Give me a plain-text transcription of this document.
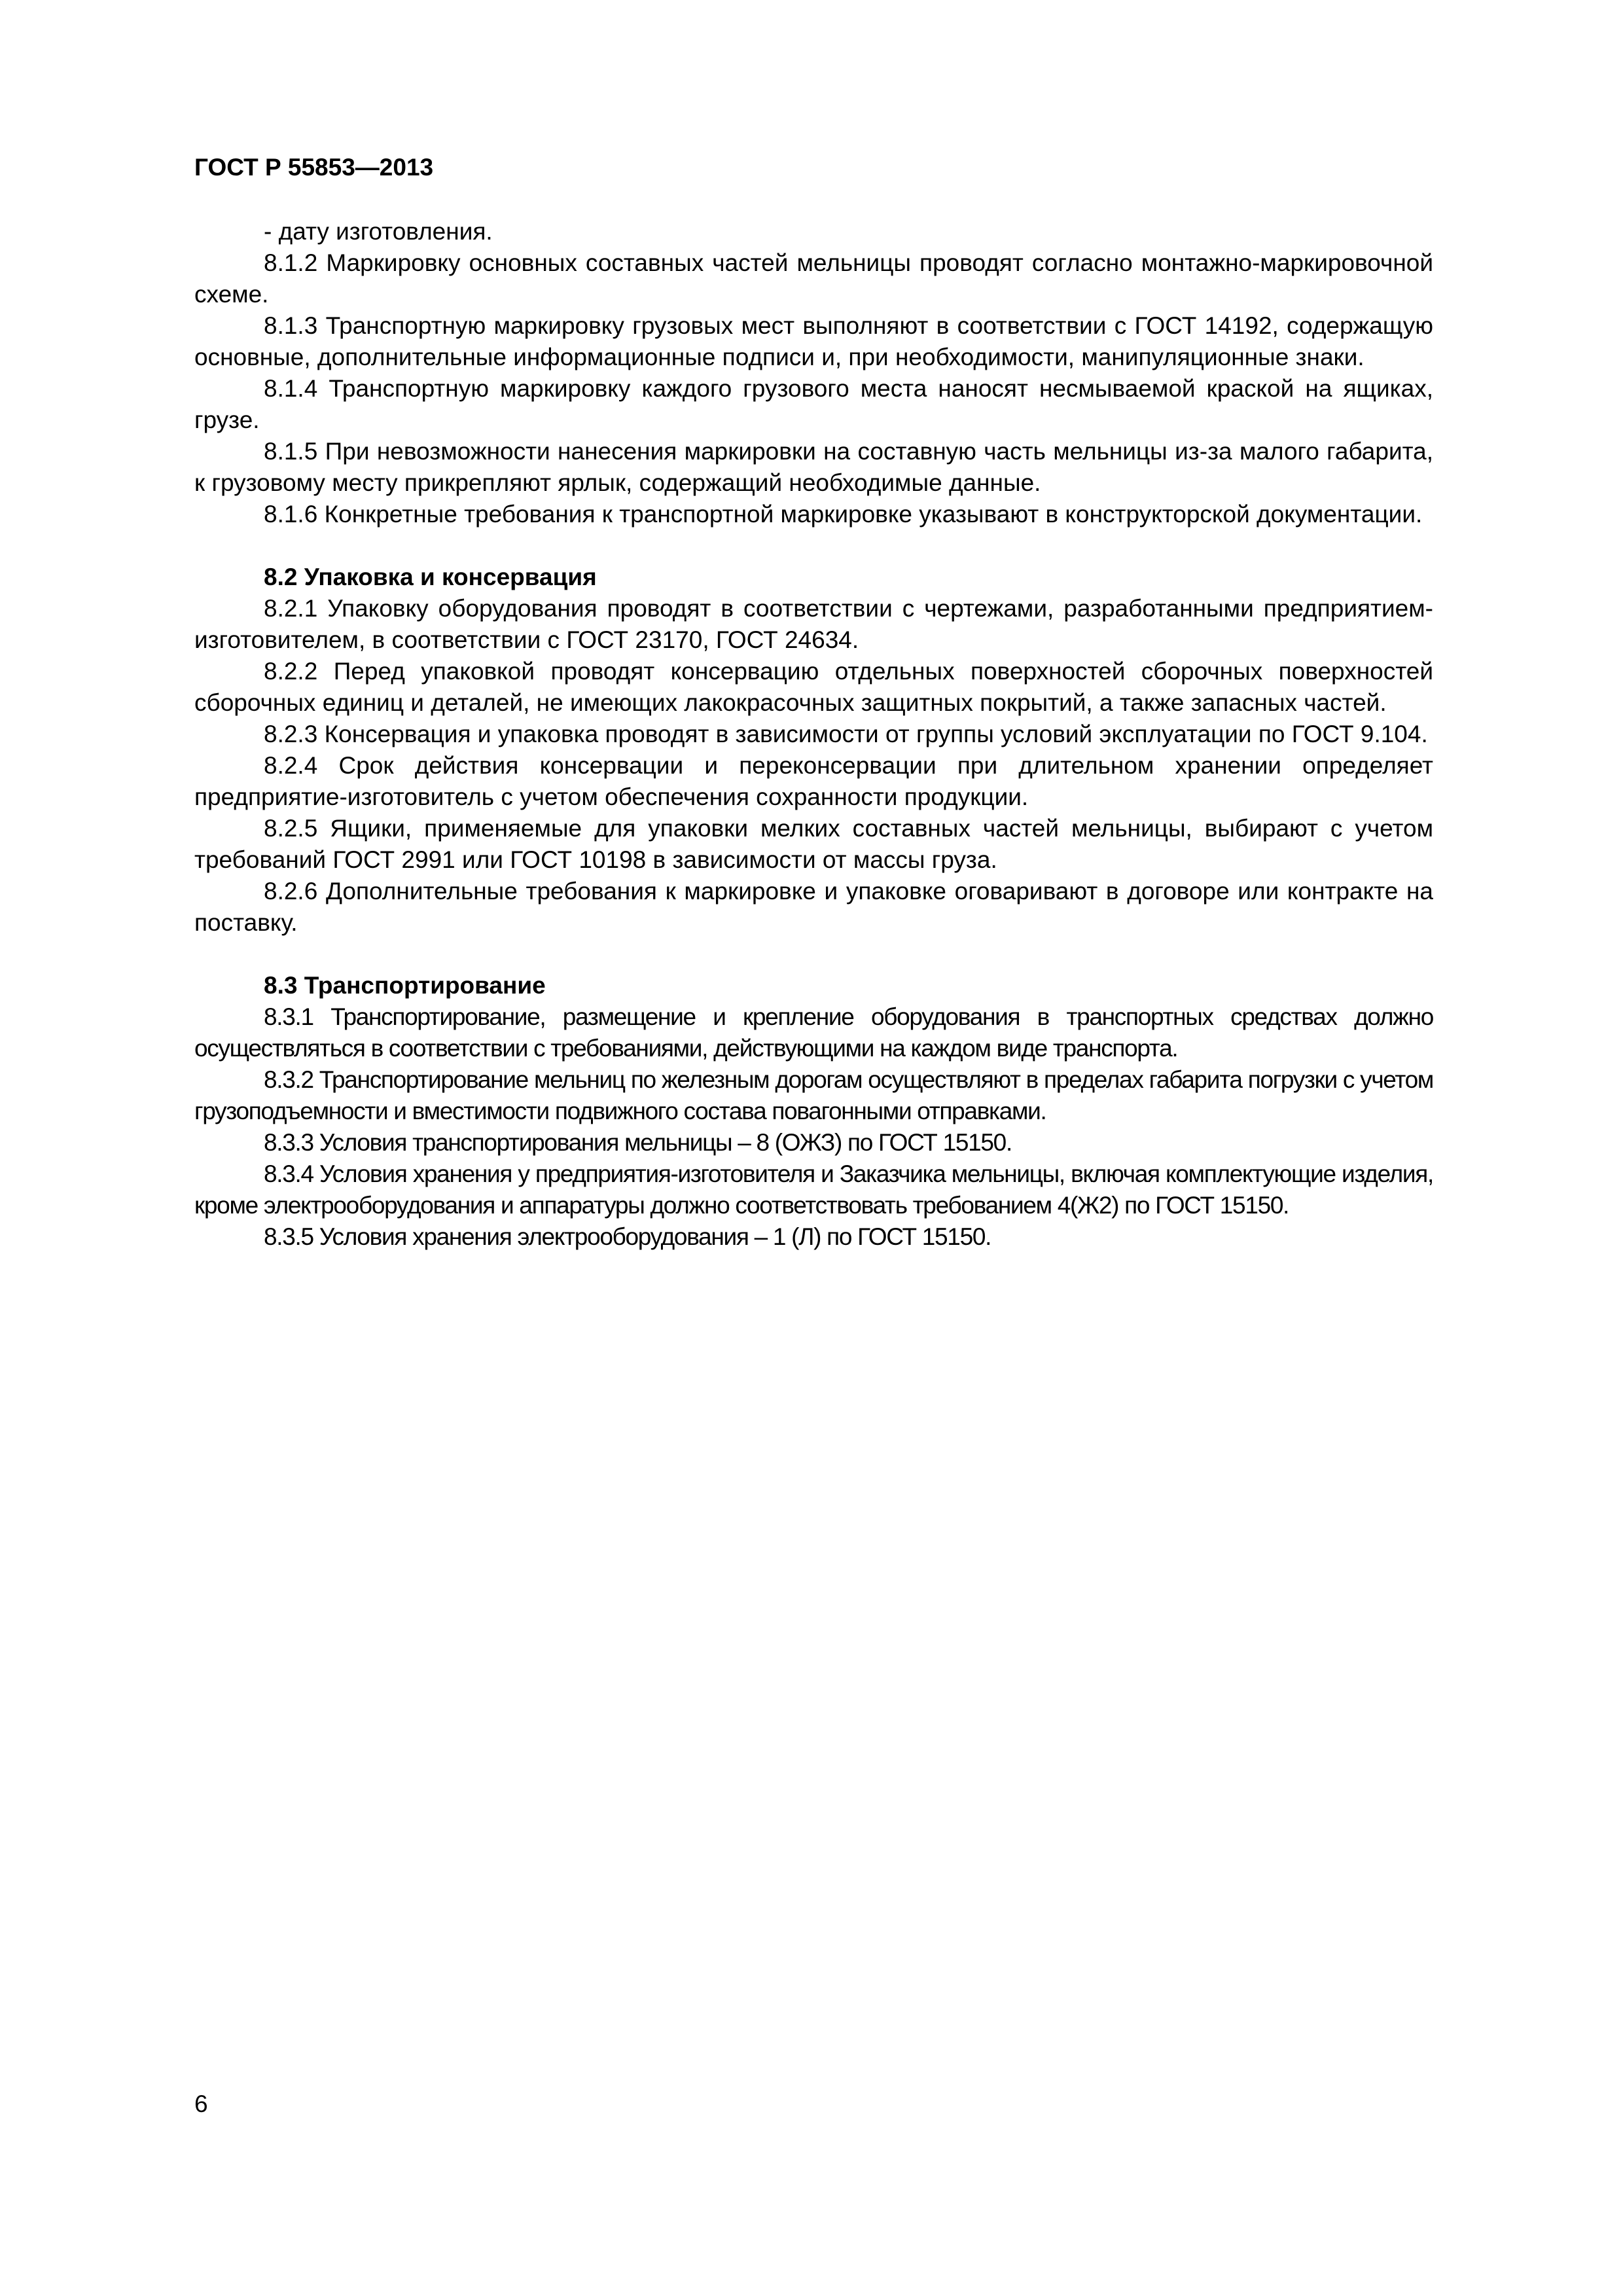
ГОСТ Р 55853—2013

- дату изготовления.

8.1.2 Маркировку основных составных частей мельницы проводят согласно монтажно-маркировочной схеме.

8.1.3 Транспортную маркировку грузовых мест выполняют в соответствии с ГОСТ 14192, содержащую основные, дополнительные информационные подписи и, при необходимости, манипуляционные знаки.

8.1.4 Транспортную маркировку каждого грузового места наносят несмываемой краской на ящиках, грузе.

8.1.5 При невозможности нанесения маркировки на составную часть мельницы из-за малого габарита, к грузовому месту прикрепляют ярлык, содержащий необходимые данные.

8.1.6 Конкретные требования к транспортной маркировке указывают в конструкторской документации.

8.2 Упаковка и консервация

8.2.1 Упаковку оборудования проводят в соответствии с чертежами, разработанными предприятием-изготовителем, в соответствии с ГОСТ 23170, ГОСТ 24634.

8.2.2 Перед упаковкой проводят консервацию отдельных поверхностей сборочных поверхностей сборочных единиц и деталей, не имеющих лакокрасочных защитных покрытий, а также запасных частей.

8.2.3 Консервация и упаковка проводят в зависимости от группы условий эксплуатации по ГОСТ 9.104.

8.2.4 Срок действия консервации и переконсервации при длительном хранении определяет предприятие-изготовитель с учетом обеспечения сохранности продукции.

8.2.5 Ящики, применяемые для упаковки мелких составных частей мельницы, выбирают с учетом требований ГОСТ 2991 или ГОСТ 10198 в зависимости от массы груза.

8.2.6 Дополнительные требования к маркировке и упаковке оговаривают в договоре или контракте на поставку.

8.3 Транспортирование

8.3.1 Транспортирование, размещение и крепление оборудования в транспортных средствах должно осуществляться в соответствии с требованиями, действующими на каждом виде транспорта.

8.3.2 Транспортирование мельниц по железным дорогам осуществляют в пределах габарита погрузки с учетом грузоподъемности и вместимости подвижного состава повагонными отправками.

8.3.3 Условия транспортирования мельницы – 8 (ОЖЗ) по ГОСТ 15150.

8.3.4 Условия хранения у предприятия-изготовителя и Заказчика мельницы, включая комплектующие изделия, кроме электрооборудования и аппаратуры должно соответствовать требованием 4(Ж2) по ГОСТ 15150.

8.3.5 Условия хранения электрооборудования – 1 (Л) по ГОСТ 15150.

6
